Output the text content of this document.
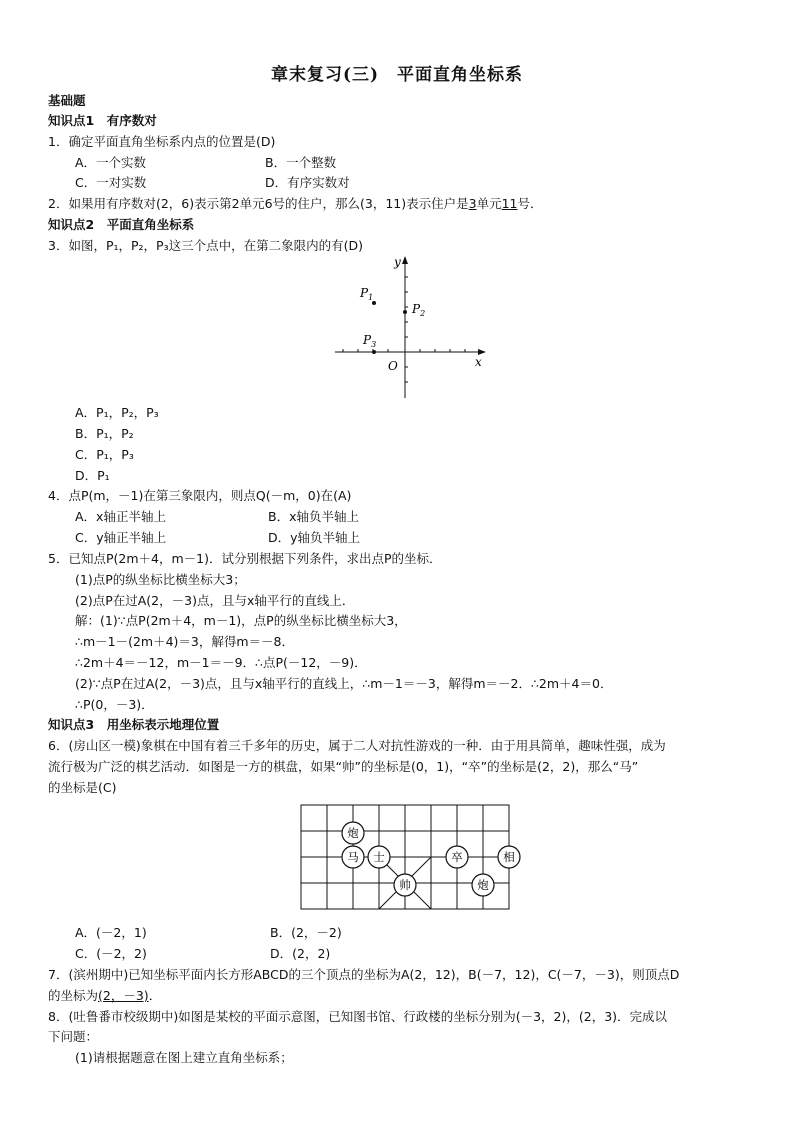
章末复习(三)　平面直角坐标系
基础题
知识点1　有序数对
1．确定平面直角坐标系内点的位置是(D)
A．一个实数	B．一个整数
C．一对实数	D．有序实数对
2．如果用有序数对(2，6)表示第2单元6号的住户，那么(3，11)表示住户是3单元11号．
知识点2　平面直角坐标系
3．如图，P₁，P₂，P₃这三个点中，在第二象限内的有(D)
x
y
O
$P_1$
$P_2$
$P_3$
A．P₁，P₂，P₃
B．P₁，P₂
C．P₁，P₃
D．P₁
4．点P(m，－1)在第三象限内，则点Q(－m，0)在(A)
A．x轴正半轴上	B．x轴负半轴上
C．y轴正半轴上	D．y轴负半轴上
5．已知点P(2m＋4，m－1)．试分别根据下列条件，求出点P的坐标．
(1)点P的纵坐标比横坐标大3；
(2)点P在过A(2，－3)点，且与x轴平行的直线上．
解：(1)∵点P(2m＋4，m－1)，点P的纵坐标比横坐标大3，
∴m－1－(2m＋4)＝3，解得m＝－8．
∴2m＋4＝－12，m－1＝－9．∴点P(－12，－9)．
(2)∵点P在过A(2，－3)点，且与x轴平行的直线上，∴m－1＝－3，解得m＝－2．∴2m＋4＝0．
∴P(0，－3)．
知识点3　用坐标表示地理位置
6．(房山区一模)象棋在中国有着三千多年的历史，属于二人对抗性游戏的一种．由于用具简单，趣味性强，成为
流行极为广泛的棋艺活动．如图是一方的棋盘，如果“帅”的坐标是(0，1)，“卒”的坐标是(2，2)，那么“马”
的坐标是(C)
炮
马 士	卒	相
帅	炮
A．(－2，1)	B．(2，－2)
C．(－2，2)	D．(2，2)
7．(滨州期中)已知坐标平面内长方形ABCD的三个顶点的坐标为A(2，12)，B(－7，12)，C(－7，－3)，则顶点D
的坐标为(2，－3)．
8．(吐鲁番市校级期中)如图是某校的平面示意图，已知图书馆、行政楼的坐标分别为(－3，2)，(2，3)．完成以
下问题：
(1)请根据题意在图上建立直角坐标系；
